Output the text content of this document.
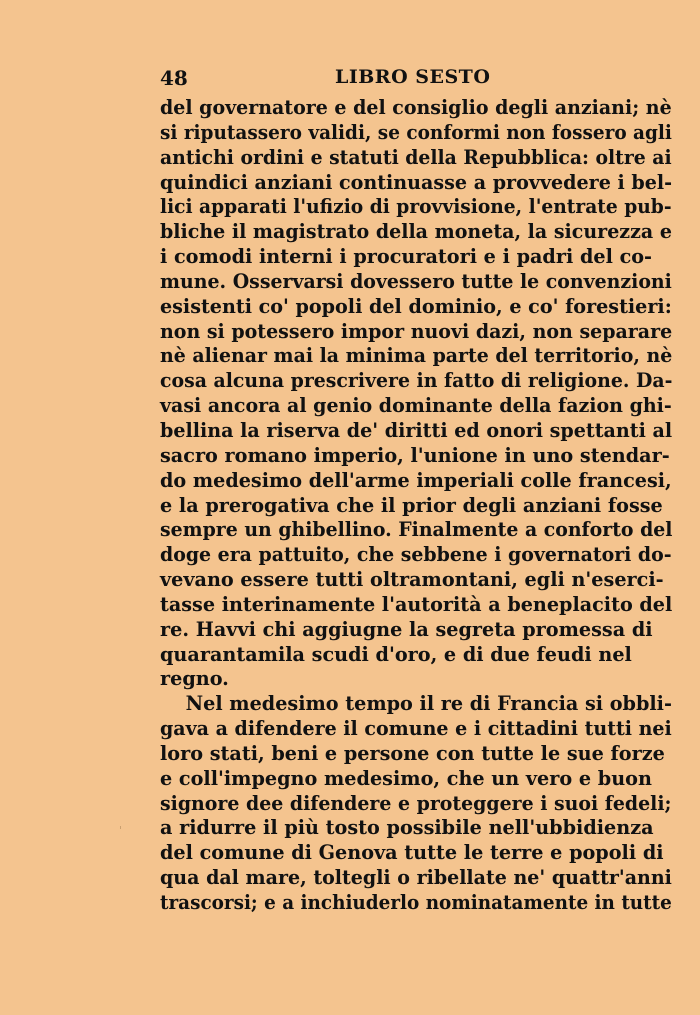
48	LIBRO SESTO
del governatore e del consiglio degli anziani; nè
si riputassero validi, se conformi non fossero agli
antichi ordini e statuti della Repubblica: oltre ai
quindici anziani continuasse a provvedere i bel-
lici apparati l'ufizio di provvisione, l'entrate pub-
bliche il magistrato della moneta, la sicurezza e
i comodi interni i procuratori e i padri del co-
mune. Osservarsi dovessero tutte le convenzioni
esistenti co' popoli del dominio, e co' forestieri:
non si potessero impor nuovi dazi, non separare
nè alienar mai la minima parte del territorio, nè
cosa alcuna prescrivere in fatto di religione. Da-
vasi ancora al genio dominante della fazion ghi-
bellina la riserva de' diritti ed onori spettanti al
sacro romano imperio, l'unione in uno stendar-
do medesimo dell'arme imperiali colle francesi,
e la prerogativa che il prior degli anziani fosse
sempre un ghibellino. Finalmente a conforto del
doge era pattuito, che sebbene i governatori do-
vevano essere tutti oltramontani, egli n'eserci-
tasse interinamente l'autorità a beneplacito del
re. Havvi chi aggiugne la segreta promessa di
quarantamila scudi d'oro, e di due feudi nel
regno.
Nel medesimo tempo il re di Francia si obbli-
gava a difendere il comune e i cittadini tutti nei
loro stati, beni e persone con tutte le sue forze
e coll'impegno medesimo, che un vero e buon
signore dee difendere e proteggere i suoi fedeli;
a ridurre il più tosto possibile nell'ubbidienza
del comune di Genova tutte le terre e popoli di
qua dal mare, toltegli o ribellate ne' quattr'anni
trascorsi; e a inchiuderlo nominatamente in tutte
